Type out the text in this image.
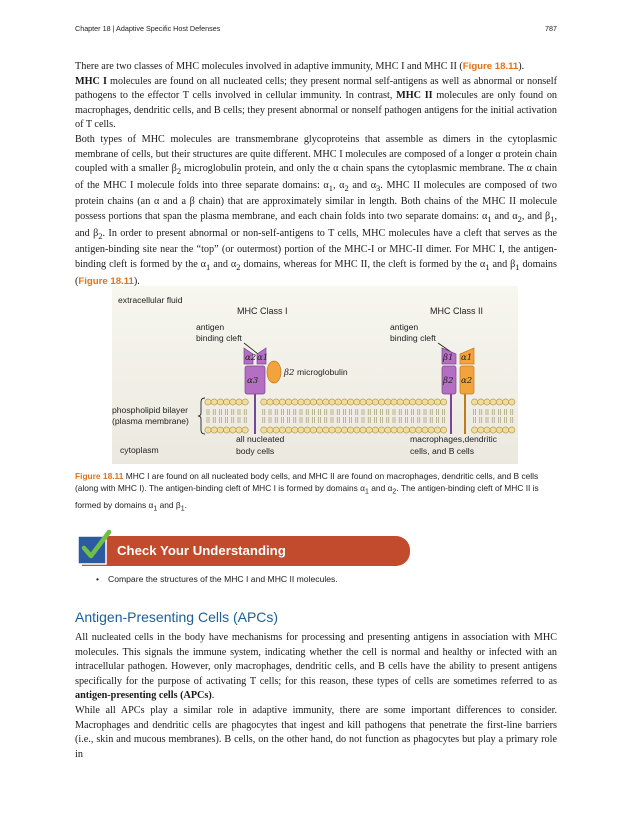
Chapter 18 | Adaptive Specific Host Defenses	787

There are two classes of MHC molecules involved in adaptive immunity, MHC I and MHC II (Figure 18.11).
MHC I molecules are found on all nucleated cells; they present normal self-antigens as well as abnormal or nonself pathogens to the effector T cells involved in cellular immunity. In contrast, MHC II molecules are only found on macrophages, dendritic cells, and B cells; they present abnormal or nonself pathogen antigens for the initial activation of T cells.

Both types of MHC molecules are transmembrane glycoproteins that assemble as dimers in the cytoplasmic membrane of cells, but their structures are quite different. MHC I molecules are composed of a longer α protein chain coupled with a smaller $\beta_2$ microglobulin protein, and only the α chain spans the cytoplasmic membrane. The α chain of the MHC I molecule folds into three separate domains: $\alpha_1$, $\alpha_2$ and $\alpha_3$. MHC II molecules are composed of two protein chains (an α and a β chain) that are approximately similar in length. Both chains of the MHC II molecule possess portions that span the plasma membrane, and each chain folds into two separate domains: $\alpha_1$ and $\alpha_2$, and $\beta_1$, and $\beta_2$. In order to present abnormal or non-self-antigens to T cells, MHC molecules have a cleft that serves as the antigen-binding site near the “top” (or outermost) portion of the MHC-I or MHC-II dimer. For MHC I, the antigen-binding cleft is formed by the $\alpha_1$ and $\alpha_2$ domains, whereas for MHC II, the cleft is formed by the $\alpha_1$ and $\beta_1$ domains (Figure 18.11).

extracellular fluid
MHC Class I	MHC Class II
antigen
binding cleft
antigen
binding cleft
α2 α1
α3
β2 microglobulin
β1 α1
β2 α2
phospholipid bilayer
(plasma membrane)
cytoplasm
all nucleated
body cells
macrophages,dendritic
cells, and B cells
Figure 18.11 MHC I are found on all nucleated body cells, and MHC II are found on macrophages, dendritic cells, and B cells (along with MHC I). The antigen-binding cleft of MHC I is formed by domains $\alpha_1$ and $\alpha_2$. The antigen-binding cleft of MHC II is formed by domains $\alpha_1$ and $\beta_1$.
Check Your Understanding
• Compare the structures of the MHC I and MHC II molecules.
Antigen-Presenting Cells (APCs)

All nucleated cells in the body have mechanisms for processing and presenting antigens in association with MHC molecules. This signals the immune system, indicating whether the cell is normal and healthy or infected with an intracellular pathogen. However, only macrophages, dendritic cells, and B cells have the ability to present antigens specifically for the purpose of activating T cells; for this reason, these types of cells are sometimes referred to as antigen-presenting cells (APCs).

While all APCs play a similar role in adaptive immunity, there are some important differences to consider. Macrophages and dendritic cells are phagocytes that ingest and kill pathogens that penetrate the first-line barriers (i.e., skin and mucous membranes). B cells, on the other hand, do not function as phagocytes but play a primary role in
